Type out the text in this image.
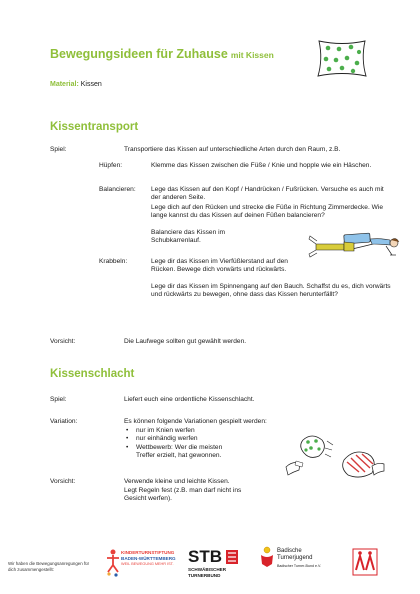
Bewegungsideen für Zuhause mit Kissen
Material: Kissen
Kissentransport
Spiel:	Transportiere das Kissen auf unterschiedliche Arten durch den Raum, z.B.
Hüpfen:	Klemme das Kissen zwischen die Füße / Knie und hopple wie ein Häschen.
Balancieren: Lege das Kissen auf den Kopf / Handrücken / Fußrücken. Versuche es auch mit der anderen Seite.
Lege dich auf den Rücken und strecke die Füße in Richtung Zimmerdecke. Wie lange kannst du das Kissen auf deinen Füßen balancieren?
Balanciere das Kissen im Schubkarrenlauf.
Krabbeln:	Lege dir das Kissen im Vierfüßlerstand auf den Rücken. Bewege dich vorwärts und rückwärts.
Lege dir das Kissen im Spinnengang auf den Bauch. Schaffst du es, dich vorwärts und rückwärts zu bewegen, ohne dass das Kissen herunterfällt?
Vorsicht:	Die Laufwege sollten gut gewählt werden.
Kissenschlacht
Spiel:	Liefert euch eine ordentliche Kissenschlacht.
Variation:	Es können folgende Variationen gespielt werden:
• nur im Knien werfen
• nur einhändig werfen
• Wettbewerb: Wer die meisten Treffer erzielt, hat gewonnen.
Vorsicht:	Verwende kleine und leichte Kissen.
Legt Regeln fest (z.B. man darf nicht ins Gesicht werfen).
Wir haben die Bewegungsanregungen für dich zusammengestellt:
KINDERTURNSTIFTUNG
BADEN-WÜRTTEMBERG
WEIL BEWEGUNG MEHR IST. STB
SCHWÄBISCHER
TURNERBUND
Badische
Turnerjugend
Badischer Turner-Bund e.V.
